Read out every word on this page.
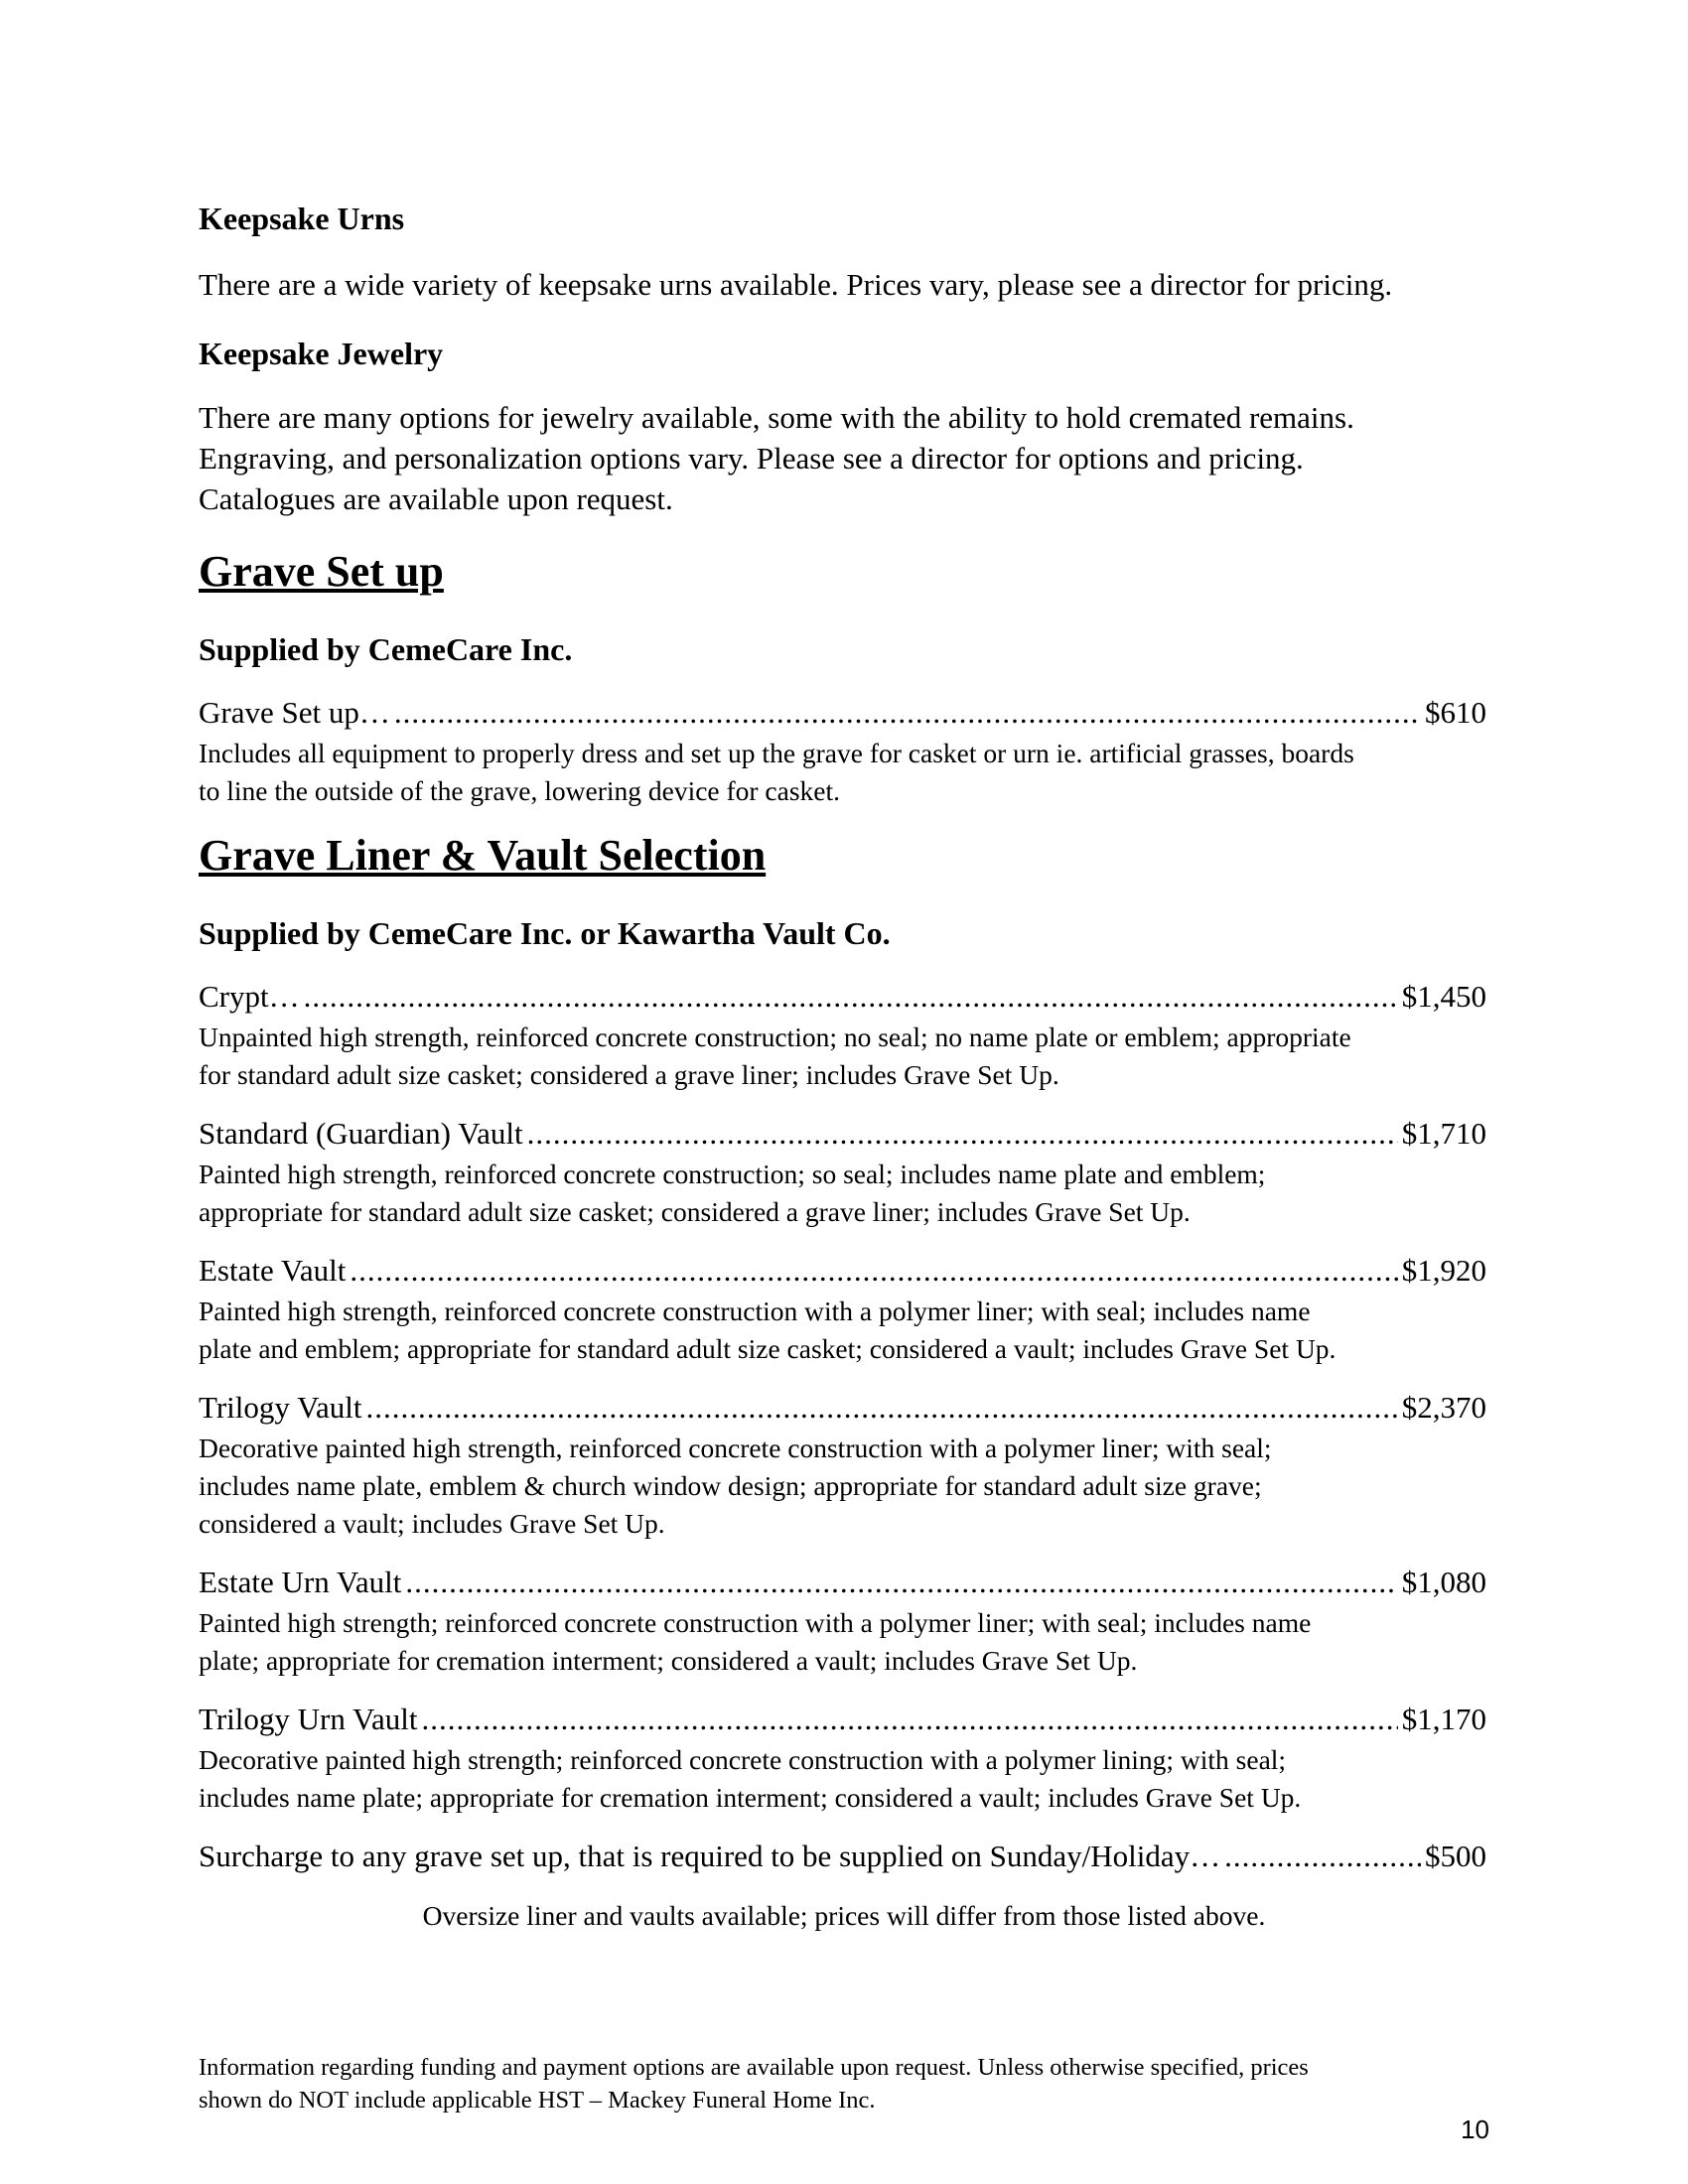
Keepsake Urns
There are a wide variety of keepsake urns available. Prices vary, please see a director for pricing.
Keepsake Jewelry
There are many options for jewelry available, some with the ability to hold cremated remains.
Engraving, and personalization options vary. Please see a director for options and pricing.
Catalogues are available upon request.
Grave Set up
Supplied by CemeCare Inc.
Grave Set up… .....	$610
Includes all equipment to properly dress and set up the grave for casket or urn ie. artificial grasses, boards
to line the outside of the grave, lowering device for casket.
Grave Liner & Vault Selection
Supplied by CemeCare Inc. or Kawartha Vault Co.
Crypt… .....	$1,450
Unpainted high strength, reinforced concrete construction; no seal; no name plate or emblem; appropriate
for standard adult size casket; considered a grave liner; includes Grave Set Up.
Standard (Guardian) Vault .....	$1,710
Painted high strength, reinforced concrete construction; so seal; includes name plate and emblem;
appropriate for standard adult size casket; considered a grave liner; includes Grave Set Up.
Estate Vault .....	$1,920
Painted high strength, reinforced concrete construction with a polymer liner; with seal; includes name
plate and emblem; appropriate for standard adult size casket; considered a vault; includes Grave Set Up.
Trilogy Vault .....	$2,370
Decorative painted high strength, reinforced concrete construction with a polymer liner; with seal;
includes name plate, emblem & church window design; appropriate for standard adult size grave;
considered a vault; includes Grave Set Up.
Estate Urn Vault .....	$1,080
Painted high strength; reinforced concrete construction with a polymer liner; with seal; includes name
plate; appropriate for cremation interment; considered a vault; includes Grave Set Up.
Trilogy Urn Vault .....	$1,170
Decorative painted high strength; reinforced concrete construction with a polymer lining; with seal;
includes name plate; appropriate for cremation interment; considered a vault; includes Grave Set Up.
Surcharge to any grave set up, that is required to be supplied on Sunday/Holiday… .....	$500
Oversize liner and vaults available; prices will differ from those listed above.
Information regarding funding and payment options are available upon request. Unless otherwise specified, prices
shown do NOT include applicable HST – Mackey Funeral Home Inc.
10
